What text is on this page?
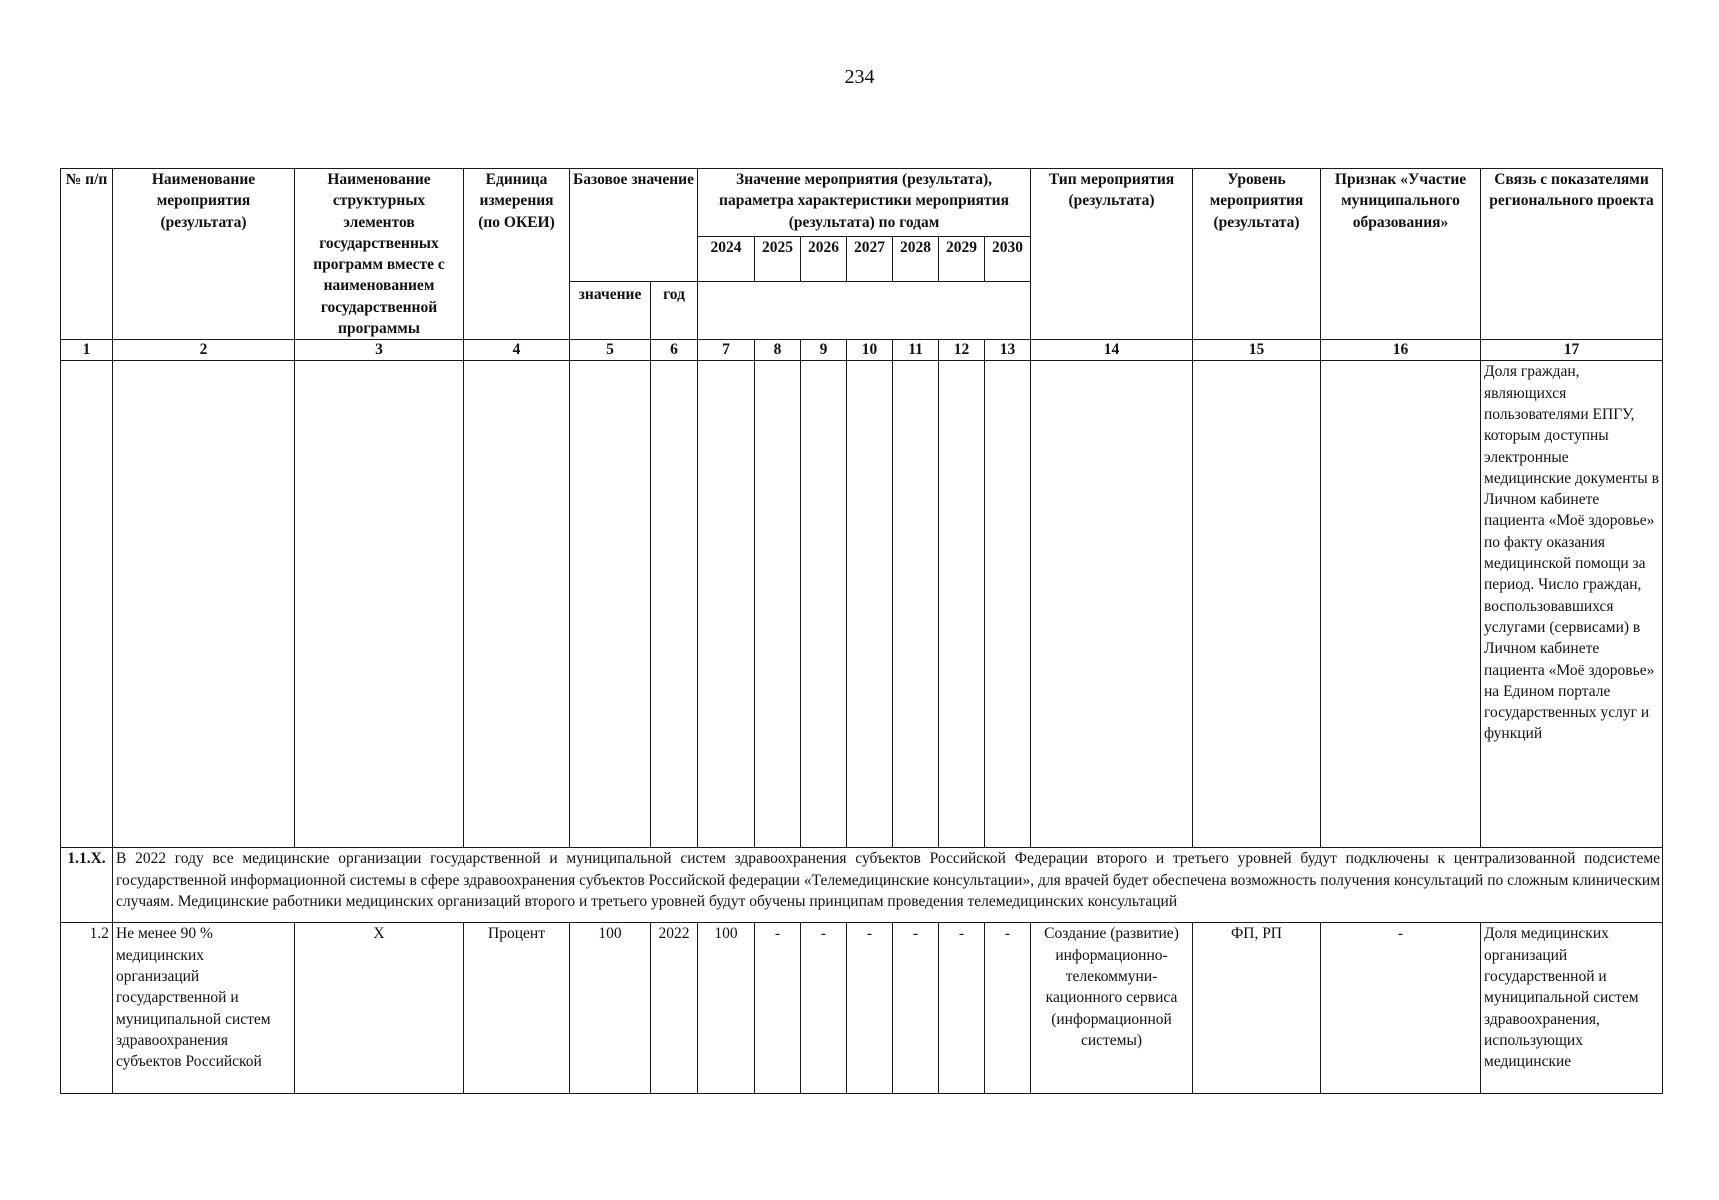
234
№ п/п	Наименование мероприятия (результата)	Наименование структурных элементов государственных программ вместе с наименованием государственной программы	Единица измерения (по ОКЕИ)	Базовое значение		Значение мероприятия (результата), параметра характеристики мероприятия (результата) по годам							Тип мероприятия (результата)	Уровень мероприятия (результата)	Признак «Участие муниципального образования»	Связь с показателями регионального проекта
						2024	2025	2026	2027	2028	2029	2030				
				значение	год											
1	2	3	4	5	6	7	8	9	10	11	12	13	14	15	16	17
																Доля граждан, являющихся пользователями ЕПГУ, которым доступны электронные медицинские документы в Личном кабинете пациента «Моё здоровье» по факту оказания медицинской помощи за период. Число граждан, воспользовавшихся услугами (сервисами) в Личном кабинете пациента «Моё здоровье» на Едином портале государственных услуг и функций
1.1.X.	В 2022 году все медицинские организации государственной и муниципальной систем здравоохранения субъектов Российской Федерации второго и третьего уровней будут подключены к централизованной подсистеме государственной информационной системы в сфере здравоохранения субъектов Российской федерации «Телемедицинские консультации», для врачей будет обеспечена возможность получения консультаций по сложным клиническим случаям. Медицинские работники медицинских организаций второго и третьего уровней будут обучены принципам проведения телемедицинских консультаций															
1.2	Не менее 90 % медицинских организаций государственной и муниципальной систем здравоохранения субъектов Российской	Х	Процент	100	2022	100	-	-	-	-	-	-	Создание (развитие) информационно-телекоммуни-кационного сервиса (информационной системы)	ФП, РП	-	Доля медицинских организаций государственной и муниципальной систем здравоохранения, использующих медицинские
